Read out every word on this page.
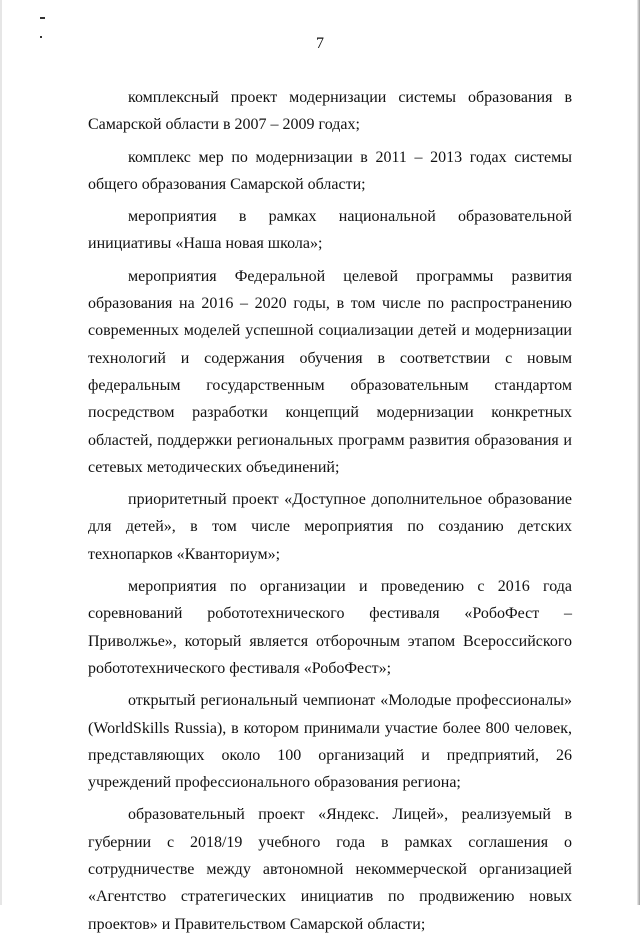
7

комплексный проект модернизации системы образования в Самарской области в 2007 – 2009 годах;

комплекс мер по модернизации в 2011 – 2013 годах системы общего образования Самарской области;

мероприятия в рамках национальной образовательной инициативы «Наша новая школа»;

мероприятия Федеральной целевой программы развития образования на 2016 – 2020 годы, в том числе по распространению современных моделей успешной социализации детей и модернизации технологий и содержания обучения в соответствии с новым федеральным государственным образовательным стандартом посредством разработки концепций модернизации конкретных областей, поддержки региональных программ развития образования и сетевых методических объединений;

приоритетный проект «Доступное дополнительное образование для детей», в том числе мероприятия по созданию детских технопарков «Кванториум»;

мероприятия по организации и проведению с 2016 года соревнований робототехнического фестиваля «РобоФест – Приволжье», который является отборочным этапом Всероссийского робототехнического фестиваля «РобоФест»;

открытый региональный чемпионат «Молодые профессионалы» (WorldSkills Russia), в котором принимали участие более 800 человек, представляющих около 100 организаций и предприятий, 26 учреждений профессионального образования региона;

образовательный проект «Яндекс. Лицей», реализуемый в губернии с 2018/19 учебного года в рамках соглашения о сотрудничестве между автономной некоммерческой организацией «Агентство стратегических инициатив по продвижению новых проектов» и Правительством Самарской области;
